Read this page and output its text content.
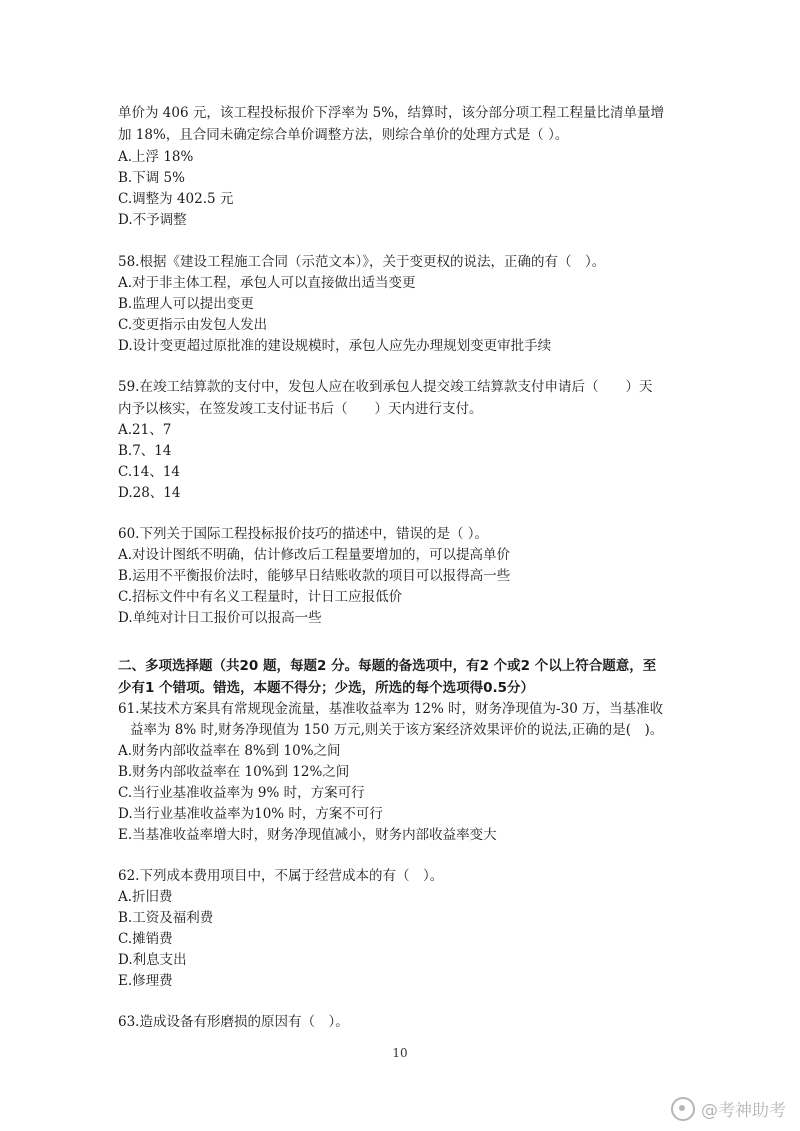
单价为 406 元，该工程投标报价下浮率为 5%，结算时，该分部分项工程工程量比清单量增
加 18%，且合同未确定综合单价调整方法，则综合单价的处理方式是（ ）。
A.上浮 18%
B.下调 5%
C.调整为 402.5 元
D.不予调整
58.根据《建设工程施工合同（示范文本）》，关于变更权的说法，正确的有（　）。
A.对于非主体工程，承包人可以直接做出适当变更
B.监理人可以提出变更
C.变更指示由发包人发出
D.设计变更超过原批准的建设规模时，承包人应先办理规划变更审批手续
59.在竣工结算款的支付中，发包人应在收到承包人提交竣工结算款支付申请后（　　）天
内予以核实，在签发竣工支付证书后（　　）天内进行支付。
A.21、7
B.7、14
C.14、14
D.28、14
60.下列关于国际工程投标报价技巧的描述中，错误的是（ ）。
A.对设计图纸不明确，估计修改后工程量要增加的，可以提高单价
B.运用不平衡报价法时，能够早日结账收款的项目可以报得高一些
C.招标文件中有名义工程量时，计日工应报低价
D.单纯对计日工报价可以报高一些
二、多项选择题（共20 题，每题2 分。每题的备选项中，有2 个或2 个以上符合题意，至
少有1 个错项。错选，本题不得分；少选，所选的每个选项得0.5分）
61.某技术方案具有常规现金流量，基准收益率为 12% 时，财务净现值为-30 万，当基准收
益率为 8% 时,财务净现值为 150 万元,则关于该方案经济效果评价的说法,正确的是(　)。
A.财务内部收益率在 8%到 10%之间
B.财务内部收益率在 10%到 12%之间
C.当行业基准收益率为 9% 时，方案可行
D.当行业基准收益率为10% 时，方案不可行
E.当基准收益率增大时，财务净现值减小，财务内部收益率变大
62.下列成本费用项目中，不属于经营成本的有（　）。
A.折旧费
B.工资及福利费
C.摊销费
D.利息支出
E.修理费
63.造成设备有形磨损的原因有（　）。
10
@考神助考
